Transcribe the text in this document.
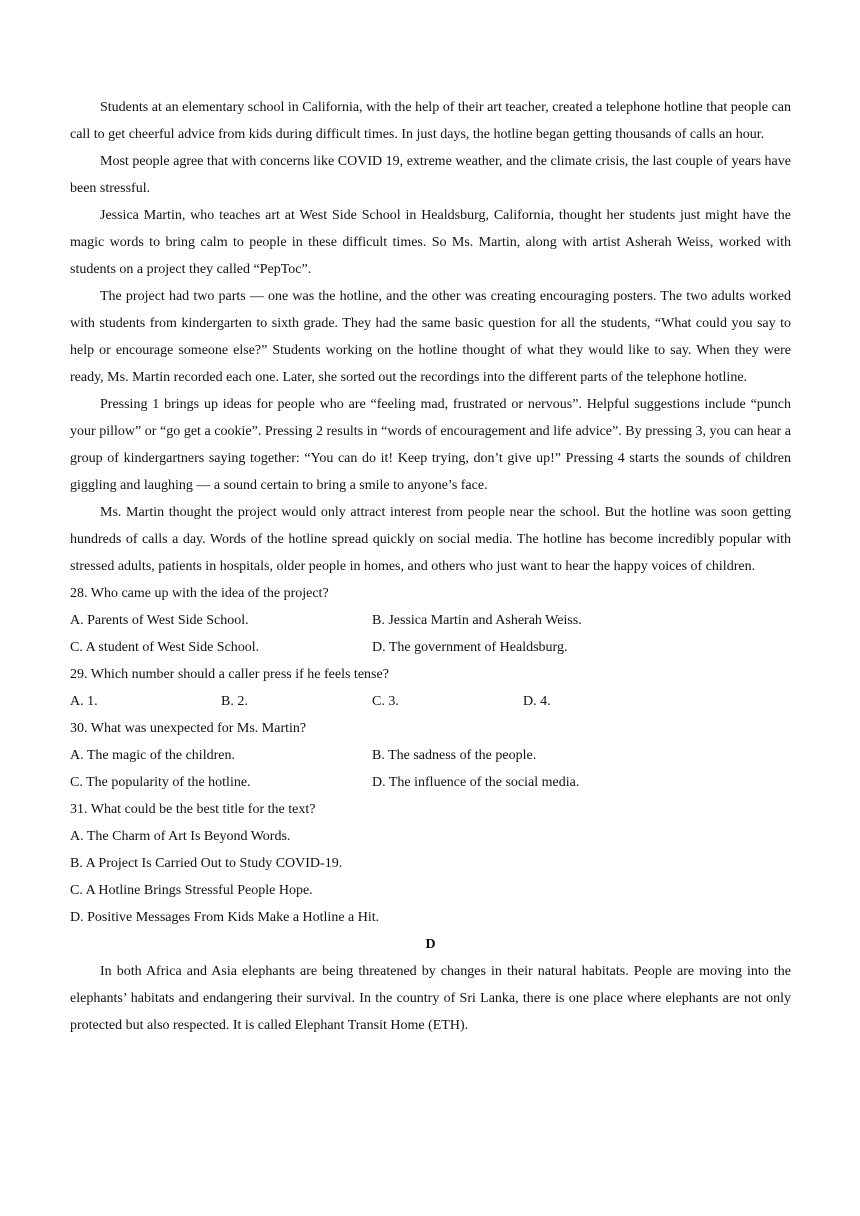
Students at an elementary school in California, with the help of their art teacher, created a telephone hotline that people can call to get cheerful advice from kids during difficult times. In just days, the hotline began getting thousands of calls an hour.

Most people agree that with concerns like COVID 19, extreme weather, and the climate crisis, the last couple of years have been stressful.

Jessica Martin, who teaches art at West Side School in Healdsburg, California, thought her students just might have the magic words to bring calm to people in these difficult times. So Ms. Martin, along with artist Asherah Weiss, worked with students on a project they called “PepToc”.

The project had two parts — one was the hotline, and the other was creating encouraging posters. The two adults worked with students from kindergarten to sixth grade. They had the same basic question for all the students, “What could you say to help or encourage someone else?” Students working on the hotline thought of what they would like to say. When they were ready, Ms. Martin recorded each one. Later, she sorted out the recordings into the different parts of the telephone hotline.

Pressing 1 brings up ideas for people who are “feeling mad, frustrated or nervous”. Helpful suggestions include “punch your pillow” or “go get a cookie”. Pressing 2 results in “words of encouragement and life advice”. By pressing 3, you can hear a group of kindergartners saying together: “You can do it! Keep trying, don’t give up!” Pressing 4 starts the sounds of children giggling and laughing — a sound certain to bring a smile to anyone’s face.

Ms. Martin thought the project would only attract interest from people near the school. But the hotline was soon getting hundreds of calls a day. Words of the hotline spread quickly on social media. The hotline has become incredibly popular with stressed adults, patients in hospitals, older people in homes, and others who just want to hear the happy voices of children.

28. Who came up with the idea of the project?

A. Parents of West Side School.	B. Jessica Martin and Asherah Weiss.
C. A student of West Side School.	D. The government of Healdsburg.

29. Which number should a caller press if he feels tense?

A. 1.	B. 2.	C. 3.	D. 4.

30. What was unexpected for Ms. Martin?

A. The magic of the children.	B. The sadness of the people.
C. The popularity of the hotline.	D. The influence of the social media.

31. What could be the best title for the text?

A. The Charm of Art Is Beyond Words.

B. A Project Is Carried Out to Study COVID-19.

C. A Hotline Brings Stressful People Hope.

D. Positive Messages From Kids Make a Hotline a Hit.

D

In both Africa and Asia elephants are being threatened by changes in their natural habitats. People are moving into the elephants’ habitats and endangering their survival. In the country of Sri Lanka, there is one place where elephants are not only protected but also respected. It is called Elephant Transit Home (ETH).
